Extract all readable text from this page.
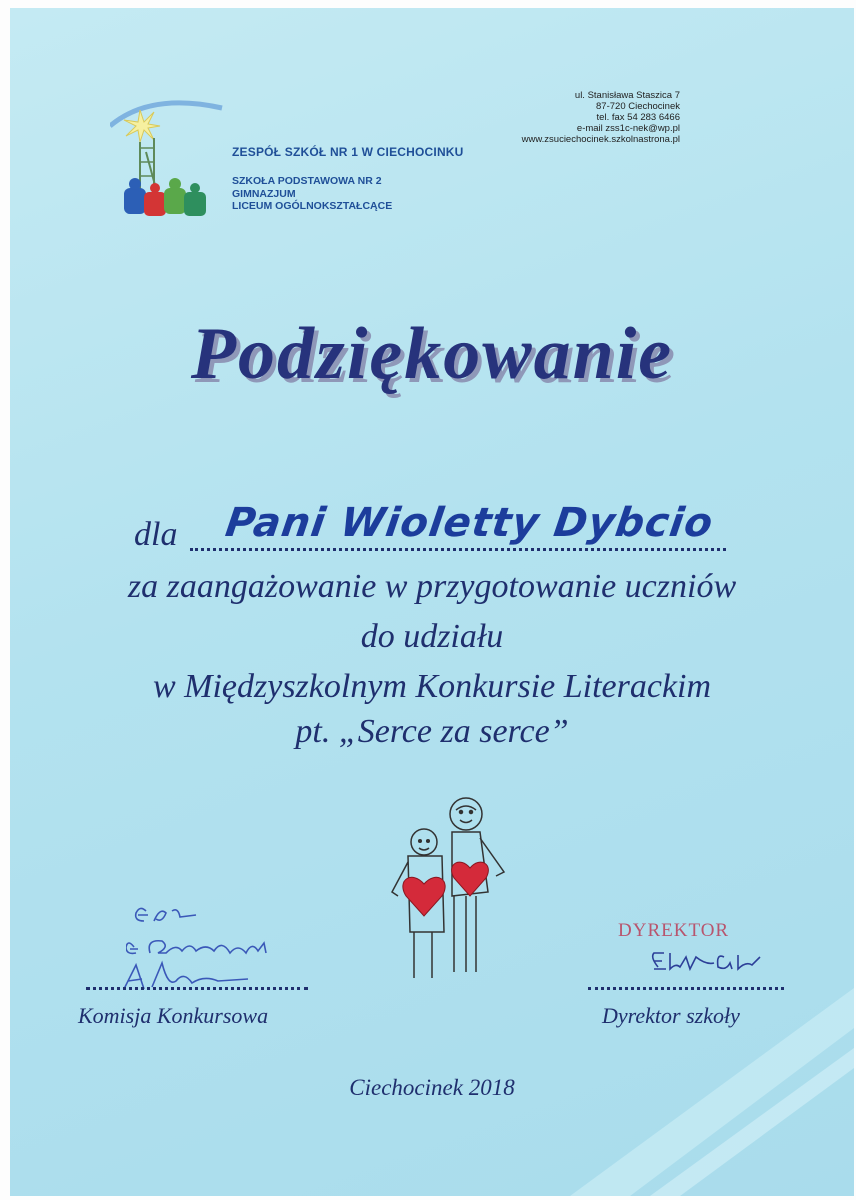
ZESPÓŁ SZKÓŁ NR 1 W CIECHOCINKU
SZKOŁA PODSTAWOWA NR 2
GIMNAZJUM
LICEUM OGÓLNOKSZTAŁCĄCE
ul. Stanisława Staszica 7
87-720 Ciechocinek
tel. fax 54 283 6466
e-mail zss1c-nek@wp.pl
www.zsuciechocinek.szkolnastrona.pl
Podziękowanie
dla Pani Wioletty Dybcio
za zaangażowanie w przygotowanie uczniów
do udziału
w Międzyszkolnym Konkursie Literackim
pt. „Serce za serce”
Komisja Konkursowa
DYREKTOR
Dyrektor szkoły
Ciechocinek 2018
